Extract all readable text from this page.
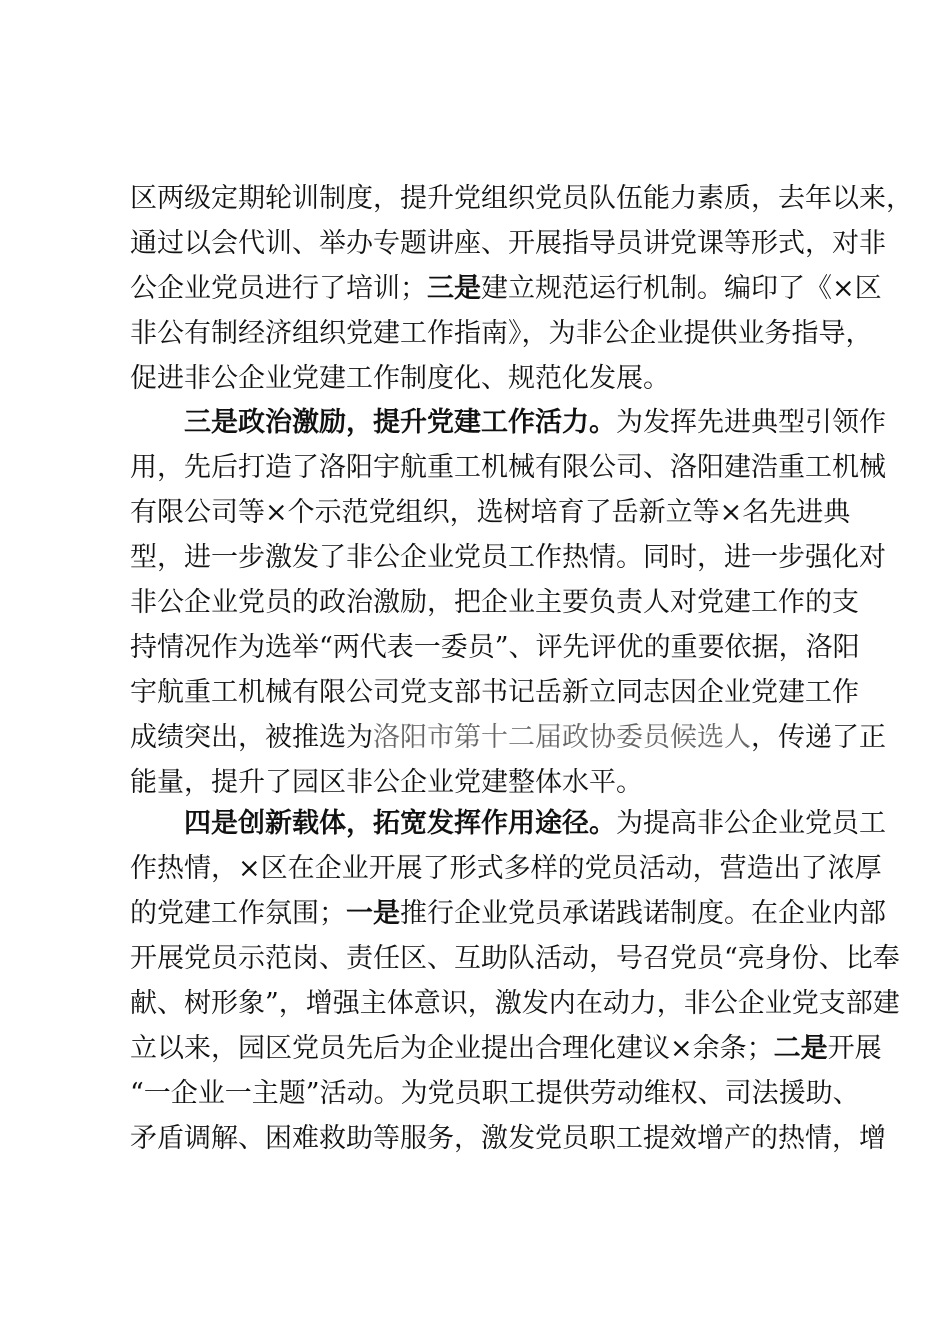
区两级定期轮训制度，提升党组织党员队伍能力素质，去年以来，
通过以会代训、举办专题讲座、开展指导员讲党课等形式，对非
公企业党员进行了培训；三是建立规范运行机制。编印了《×区
非公有制经济组织党建工作指南》，为非公企业提供业务指导，
促进非公企业党建工作制度化、规范化发展。
三是政治激励，提升党建工作活力。为发挥先进典型引领作
用，先后打造了洛阳宇航重工机械有限公司、洛阳建浩重工机械
有限公司等×个示范党组织，选树培育了岳新立等×名先进典
型，进一步激发了非公企业党员工作热情。同时，进一步强化对
非公企业党员的政治激励，把企业主要负责人对党建工作的支
持情况作为选举“两代表一委员”、评先评优的重要依据，洛阳
宇航重工机械有限公司党支部书记岳新立同志因企业党建工作
成绩突出，被推选为洛阳市第十二届政协委员候选人，传递了正
能量，提升了园区非公企业党建整体水平。
四是创新载体，拓宽发挥作用途径。为提高非公企业党员工
作热情，×区在企业开展了形式多样的党员活动，营造出了浓厚
的党建工作氛围；一是推行企业党员承诺践诺制度。在企业内部
开展党员示范岗、责任区、互助队活动，号召党员“亮身份、比奉
献、树形象”，增强主体意识，激发内在动力，非公企业党支部建
立以来，园区党员先后为企业提出合理化建议×余条；二是开展
“一企业一主题”活动。为党员职工提供劳动维权、司法援助、
矛盾调解、困难救助等服务，激发党员职工提效增产的热情，增
